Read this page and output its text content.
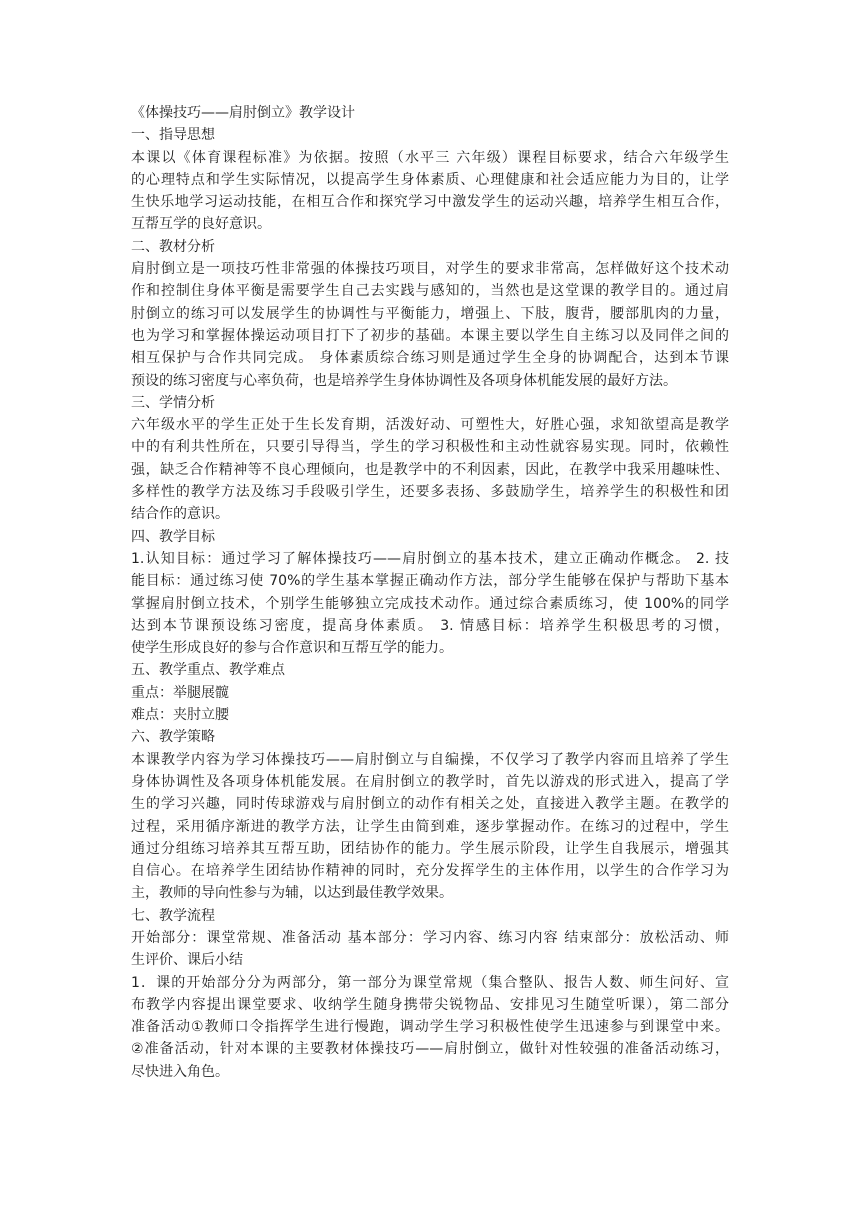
《体操技巧——肩肘倒立》教学设计

一、指导思想

本课以《体育课程标准》为依据。按照（水平三 六年级）课程目标要求，结合六年级学生

的心理特点和学生实际情况，以提高学生身体素质、心理健康和社会适应能力为目的，让学

生快乐地学习运动技能，在相互合作和探究学习中激发学生的运动兴趣，培养学生相互合作，

互帮互学的良好意识。

二、教材分析

肩肘倒立是一项技巧性非常强的体操技巧项目，对学生的要求非常高，怎样做好这个技术动

作和控制住身体平衡是需要学生自己去实践与感知的，当然也是这堂课的教学目的。通过肩

肘倒立的练习可以发展学生的协调性与平衡能力，增强上、下肢，腹背，腰部肌肉的力量，

也为学习和掌握体操运动项目打下了初步的基础。本课主要以学生自主练习以及同伴之间的

相互保护与合作共同完成。 身体素质综合练习则是通过学生全身的协调配合，达到本节课

预设的练习密度与心率负荷，也是培养学生身体协调性及各项身体机能发展的最好方法。

三、学情分析

六年级水平的学生正处于生长发育期，活泼好动、可塑性大，好胜心强，求知欲望高是教学

中的有利共性所在，只要引导得当，学生的学习积极性和主动性就容易实现。同时，依赖性

强，缺乏合作精神等不良心理倾向，也是教学中的不利因素，因此，在教学中我采用趣味性、

多样性的教学方法及练习手段吸引学生，还要多表扬、多鼓励学生，培养学生的积极性和团

结合作的意识。

四、教学目标

1.认知目标：通过学习了解体操技巧——肩肘倒立的基本技术，建立正确动作概念。 2. 技

能目标：通过练习使 70%的学生基本掌握正确动作方法，部分学生能够在保护与帮助下基本

掌握肩肘倒立技术，个别学生能够独立完成技术动作。通过综合素质练习，使 100%的同学

达到本节课预设练习密度，提高身体素质。 3. 情感目标：培养学生积极思考的习惯，

使学生形成良好的参与合作意识和互帮互学的能力。

五、教学重点、教学难点

重点：举腿展髋

难点：夹肘立腰

六、教学策略

本课教学内容为学习体操技巧——肩肘倒立与自编操，不仅学习了教学内容而且培养了学生

身体协调性及各项身体机能发展。在肩肘倒立的教学时，首先以游戏的形式进入，提高了学

生的学习兴趣，同时传球游戏与肩肘倒立的动作有相关之处，直接进入教学主题。在教学的

过程，采用循序渐进的教学方法，让学生由简到难，逐步掌握动作。在练习的过程中，学生

通过分组练习培养其互帮互助，团结协作的能力。学生展示阶段，让学生自我展示，增强其

自信心。在培养学生团结协作精神的同时，充分发挥学生的主体作用，以学生的合作学习为

主，教师的导向性参与为辅，以达到最佳教学效果。

七、教学流程

开始部分：课堂常规、准备活动 基本部分：学习内容、练习内容 结束部分：放松活动、师

生评价、课后小结

1．课的开始部分分为两部分，第一部分为课堂常规（集合整队、报告人数、师生问好、宣

布教学内容提出课堂要求、收纳学生随身携带尖锐物品、安排见习生随堂听课），第二部分

准备活动①教师口令指挥学生进行慢跑，调动学生学习积极性使学生迅速参与到课堂中来。

②准备活动，针对本课的主要教材体操技巧——肩肘倒立，做针对性较强的准备活动练习，

尽快进入角色。
